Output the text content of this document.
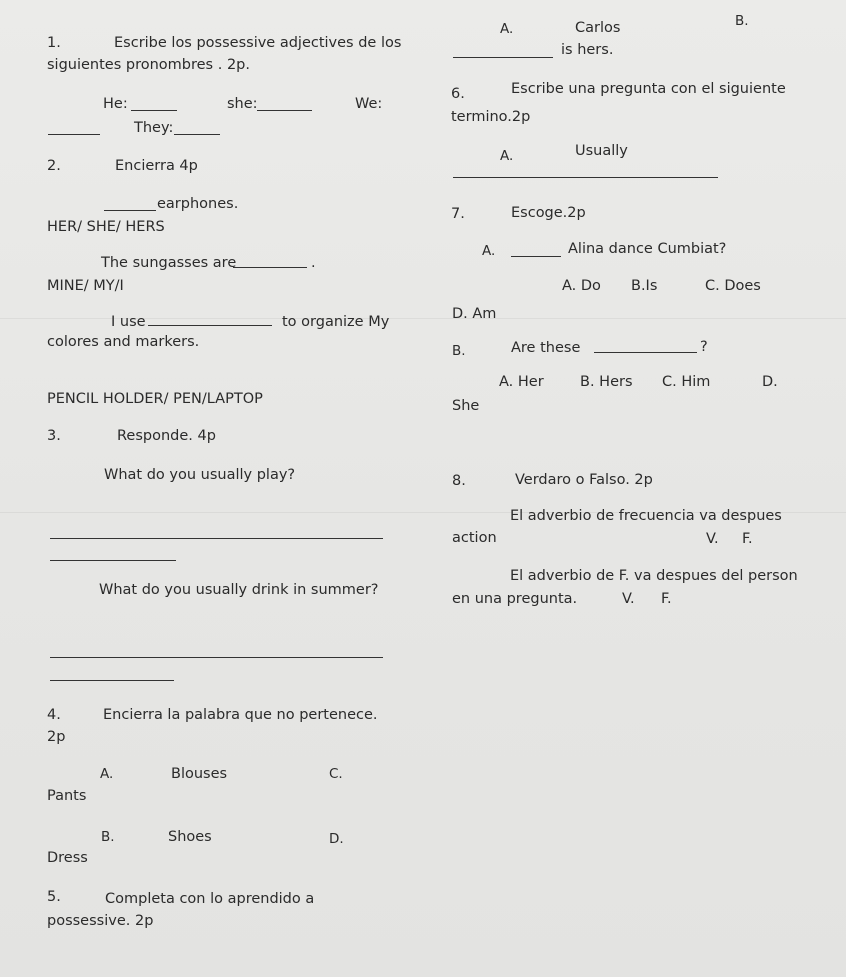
1.	Escribe los possessive adjectives de los
siguientes pronombres . 2p.
He:	she:	We:
They:
2.	Encierra 4p
earphones.
HER/ SHE/ HERS
The sungasses are	.
MINE/ MY/I
I use	to organize My
colores and markers.
PENCIL HOLDER/ PEN/LAPTOP
3.	Responde. 4p
What do you usually play?
What do you usually drink in summer?
4.	Encierra la palabra que no pertenece.
2p
A.	Blouses	C.
Pants
B.	Shoes	D.
Dress
5.	Completa con lo aprendido a
possessive. 2p
A.	Carlos	B.
is hers.
6.	Escribe una pregunta con el siguiente
termino.2p
A.	Usually
7.	Escoge.2p
A.	Alina dance Cumbiat?
A. Do B.Is	C. Does
D. Am
B.	Are these	?
A. Her	B. Hers C. Him	D.
She
8.	Verdaro o Falso. 2p
El adverbio de frecuencia va despues
action	V. F.
El adverbio de F. va despues del person
en una pregunta.	V. F.
